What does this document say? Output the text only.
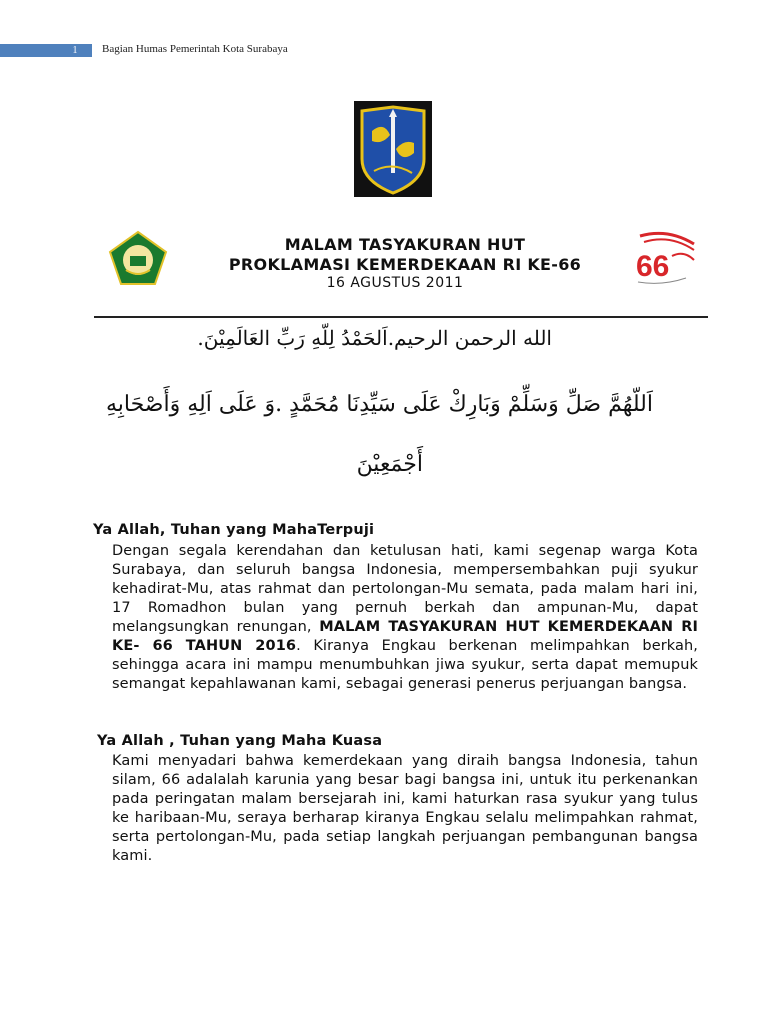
1	Bagian Humas Pemerintah Kota Surabaya
66
MALAM TASYAKURAN HUT
PROKLAMASI KEMERDEKAAN RI KE-66
16 AGUSTUS 2011
الله الرحمن الرحيم.اَلحَمْدُ لِلّهِ رَبِّ العَالَمِيْنَ.
اَللّهُمَّ صَلِّ وَسَلِّمْ وَبَارِكْ عَلَى سَيِّدِنَا مُحَمَّدٍ .وَ عَلَى اَلِهِ وَأَصْحَابِهِ
أَجْمَعِيْنَ
Ya Allah, Tuhan yang MahaTerpuji
Dengan segala kerendahan dan ketulusan hati, kami segenap warga Kota Surabaya, dan seluruh bangsa Indonesia, mempersembahkan puji syukur kehadirat-Mu, atas rahmat dan pertolongan-Mu semata, pada malam hari ini, 17 Romadhon bulan yang pernuh berkah dan ampunan-Mu, dapat melangsungkan renungan, MALAM TASYAKURAN HUT KEMERDEKAAN RI KE- 66 TAHUN 2016. Kiranya Engkau berkenan melimpahkan berkah, sehingga acara ini mampu menumbuhkan jiwa syukur, serta dapat memupuk semangat kepahlawanan kami, sebagai generasi penerus perjuangan bangsa.
Ya Allah , Tuhan yang Maha Kuasa
Kami menyadari bahwa kemerdekaan yang diraih bangsa Indonesia, tahun silam, 66 adalalah karunia yang besar bagi bangsa ini, untuk itu perkenankan pada peringatan malam bersejarah ini, kami haturkan rasa syukur yang tulus ke haribaan-Mu, seraya berharap kiranya Engkau selalu melimpahkan rahmat, serta pertolongan-Mu, pada setiap langkah perjuangan pembangunan bangsa kami.
